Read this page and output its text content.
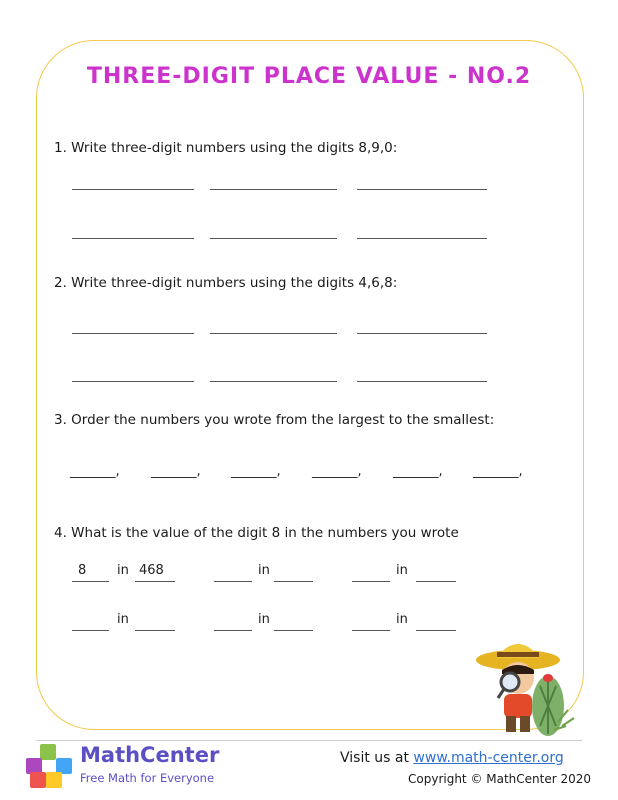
THREE-DIGIT PLACE VALUE - NO.2
1. Write three-digit numbers using the digits 8,9,0:
2. Write three-digit numbers using the digits 4,6,8:
3. Order the numbers you wrote from the largest to the smallest:
_______, _______, _______, _______, _______, _______,
4. What is the value of the digit 8 in the numbers you wrote
8 in 468	in	in
in	in	in
MathCenter
Free Math for Everyone
Visit us at www.math-center.org
Copyright © MathCenter 2020
